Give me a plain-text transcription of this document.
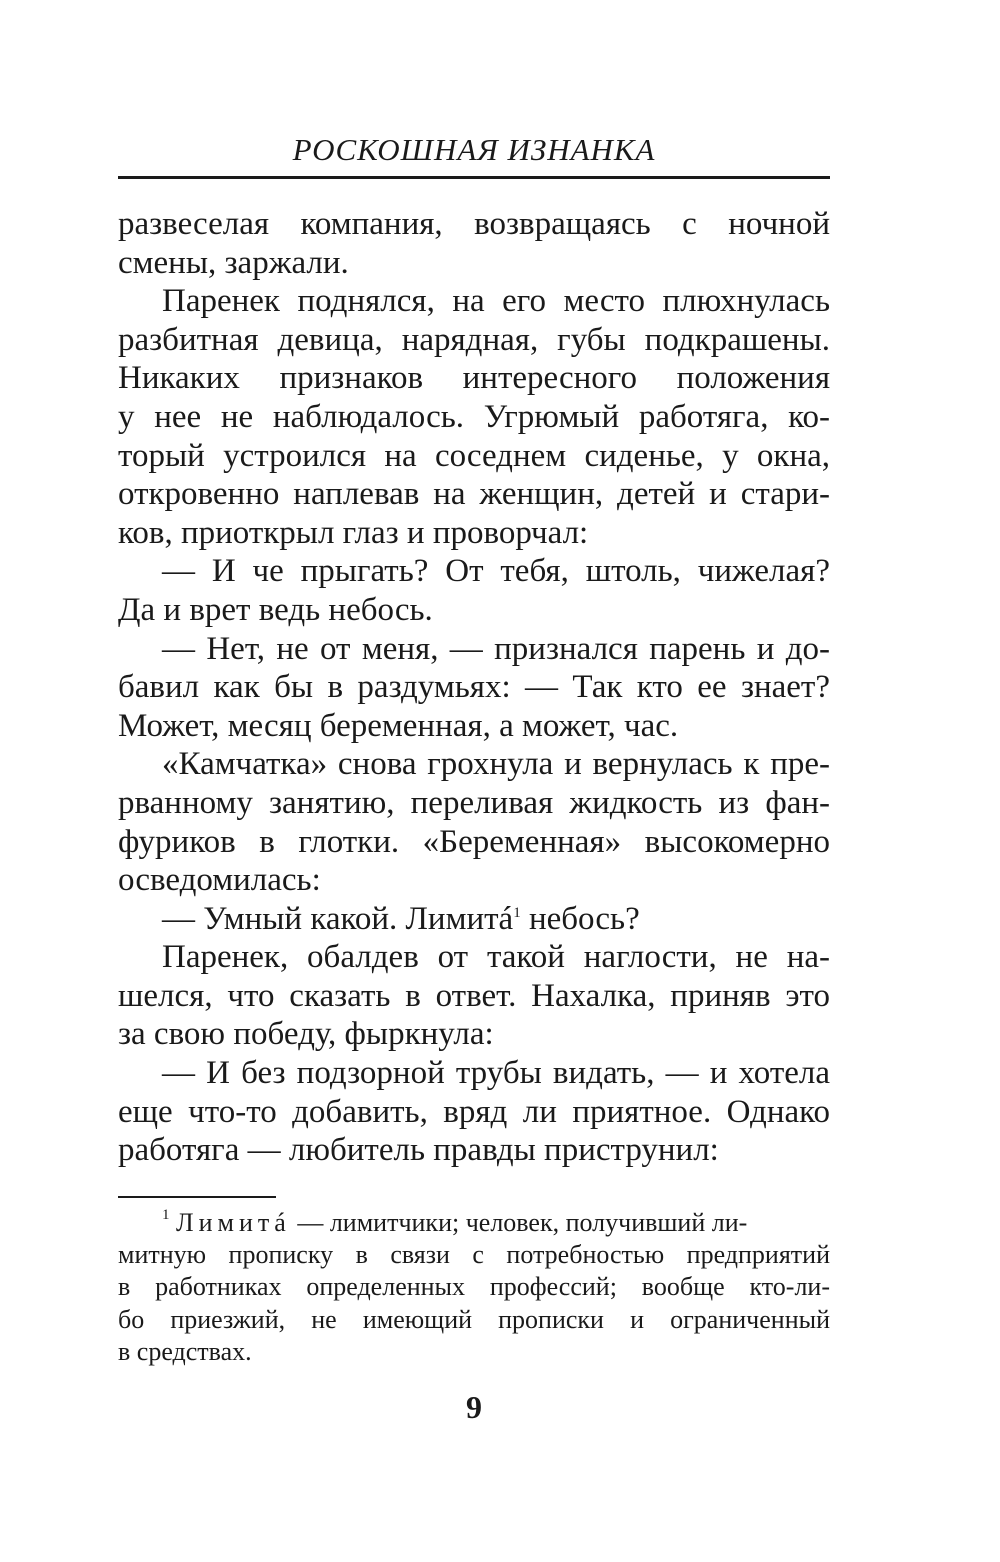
РОСКОШНАЯ ИЗНАНКА
развеселая компания, возвращаясь с ночной
смены, заржали.
Паренек поднялся, на его место плюхнулась
разбитная девица, нарядная, губы подкрашены.
Никаких признаков интересного положения
у нее не наблюдалось. Угрюмый работяга, ко-
торый устроился на соседнем сиденье, у окна,
откровенно наплевав на женщин, детей и стари-
ков, приоткрыл глаз и проворчал:
— И че прыгать? От тебя, штоль, чижелая?
Да и врет ведь небось.
— Нет, не от меня, — признался парень и до-
бавил как бы в раздумьях: — Так кто ее знает?
Может, месяц беременная, а может, час.
«Камчатка» снова грохнула и вернулась к пре-
рванному занятию, переливая жидкость из фан-
фуриков в глотки. «Беременная» высокомерно
осведомилась:
— Умный какой. Лимитá$^1$ небось?
Паренек, обалдев от такой наглости, не на-
шелся, что сказать в ответ. Нахалка, приняв это
за свою победу, фыркнула:
— И без подзорной трубы видать, — и хотела
еще что-то добавить, вряд ли приятное. Однако
работяга — любитель правды приструнил:
$^1$ Лимитá — лимитчики; человек, получивший ли-
митную прописку в связи с потребностью предприятий
в работниках определенных профессий; вообще кто-ли-
бо приезжий, не имеющий прописки и ограниченный
в средствах.
9
